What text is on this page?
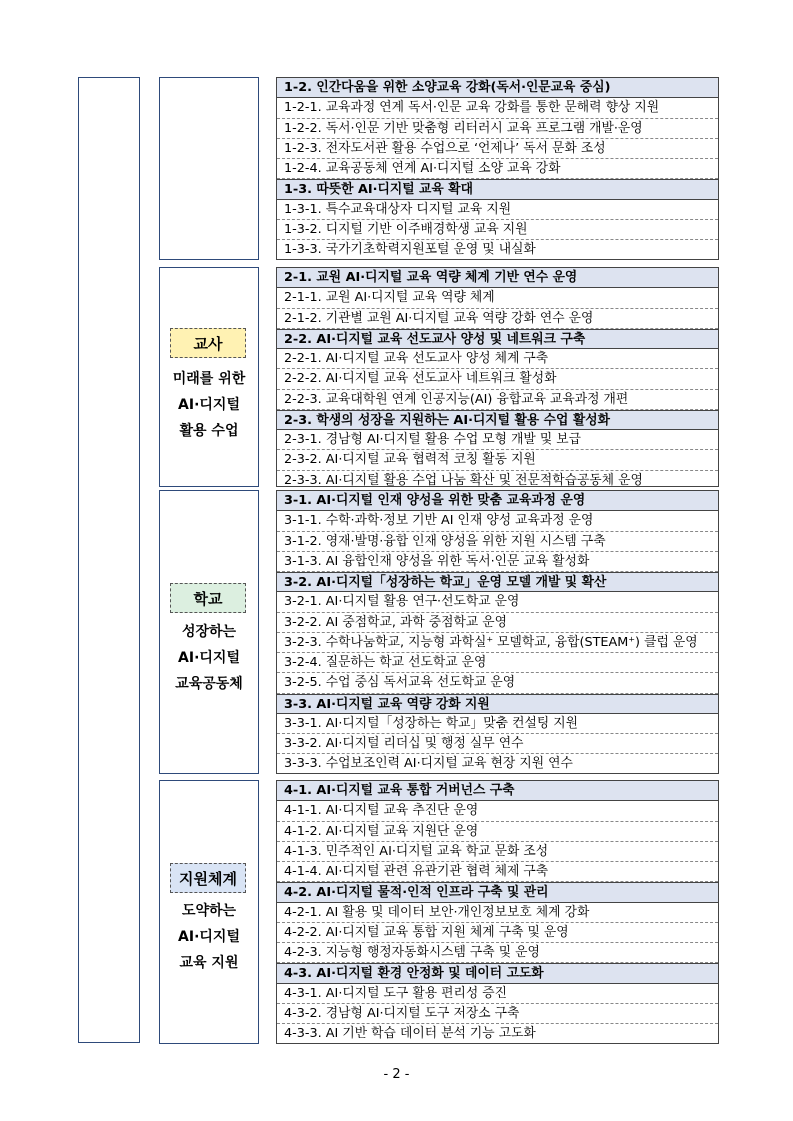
1-2. 인간다움을 위한 소양교육 강화(독서·인문교육 중심)
1-2-1. 교육과정 연계 독서·인문 교육 강화를 통한 문해력 향상 지원
1-2-2. 독서·인문 기반 맞춤형 리터러시 교육 프로그램 개발·운영
1-2-3. 전자도서관 활용 수업으로 ‘언제나’ 독서 문화 조성
1-2-4. 교육공동체 연계 AI·디지털 소양 교육 강화
1-3. 따뜻한 AI·디지털 교육 확대
1-3-1. 특수교육대상자 디지털 교육 지원
1-3-2. 디지털 기반 이주배경학생 교육 지원
1-3-3. 국가기초학력지원포털 운영 및 내실화
2-1. 교원 AI·디지털 교육 역량 체계 기반 연수 운영
2-1-1. 교원 AI·디지털 교육 역량 체계
2-1-2. 기관별 교원 AI·디지털 교육 역량 강화 연수 운영
2-2. AI·디지털 교육 선도교사 양성 및 네트워크 구축
2-2-1. AI·디지털 교육 선도교사 양성 체계 구축
2-2-2. AI·디지털 교육 선도교사 네트워크 활성화
2-2-3. 교육대학원 연계 인공지능(AI) 융합교육 교육과정 개편
2-3. 학생의 성장을 지원하는 AI·디지털 활용 수업 활성화
2-3-1. 경남형 AI·디지털 활용 수업 모형 개발 및 보급
2-3-2. AI·디지털 교육 협력적 코칭 활동 지원
2-3-3. AI·디지털 활용 수업 나눔 확산 및 전문적학습공동체 운영
교사
미래를 위한
AI·디지털
활용 수업
3-1. AI·디지털 인재 양성을 위한 맞춤 교육과정 운영
3-1-1. 수학·과학·정보 기반 AI 인재 양성 교육과정 운영
3-1-2. 영재·발명·융합 인재 양성을 위한 지원 시스템 구축
3-1-3. AI 융합인재 양성을 위한 독서·인문 교육 활성화
3-2. AI·디지털「성장하는 학교」운영 모델 개발 및 확산
3-2-1. AI·디지털 활용 연구·선도학교 운영
3-2-2. AI 중점학교, 과학 중점학교 운영
3-2-3. 수학나눔학교, 지능형 과학실⁺ 모델학교, 융합(STEAM⁺) 클럽 운영
3-2-4. 질문하는 학교 선도학교 운영
3-2-5. 수업 중심 독서교육 선도학교 운영
3-3. AI·디지털 교육 역량 강화 지원
3-3-1. AI·디지털「성장하는 학교」맞춤 컨설팅 지원
3-3-2. AI·디지털 리더십 및 행정 실무 연수
3-3-3. 수업보조인력 AI·디지털 교육 현장 지원 연수
학교
성장하는
AI·디지털
교육공동체
4-1. AI·디지털 교육 통합 거버넌스 구축
4-1-1. AI·디지털 교육 추진단 운영
4-1-2. AI·디지털 교육 지원단 운영
4-1-3. 민주적인 AI·디지털 교육 학교 문화 조성
4-1-4. AI·디지털 관련 유관기관 협력 체제 구축
4-2. AI·디지털 물적·인적 인프라 구축 및 관리
4-2-1. AI 활용 및 데이터 보안·개인정보보호 체계 강화
4-2-2. AI·디지털 교육 통합 지원 체계 구축 및 운영
4-2-3. 지능형 행정자동화시스템 구축 및 운영
4-3. AI·디지털 환경 안정화 및 데이터 고도화
4-3-1. AI·디지털 도구 활용 편리성 증진
4-3-2. 경남형 AI·디지털 도구 저장소 구축
4-3-3. AI 기반 학습 데이터 분석 기능 고도화
지원체계
도약하는
AI·디지털
교육 지원
- 2 -
